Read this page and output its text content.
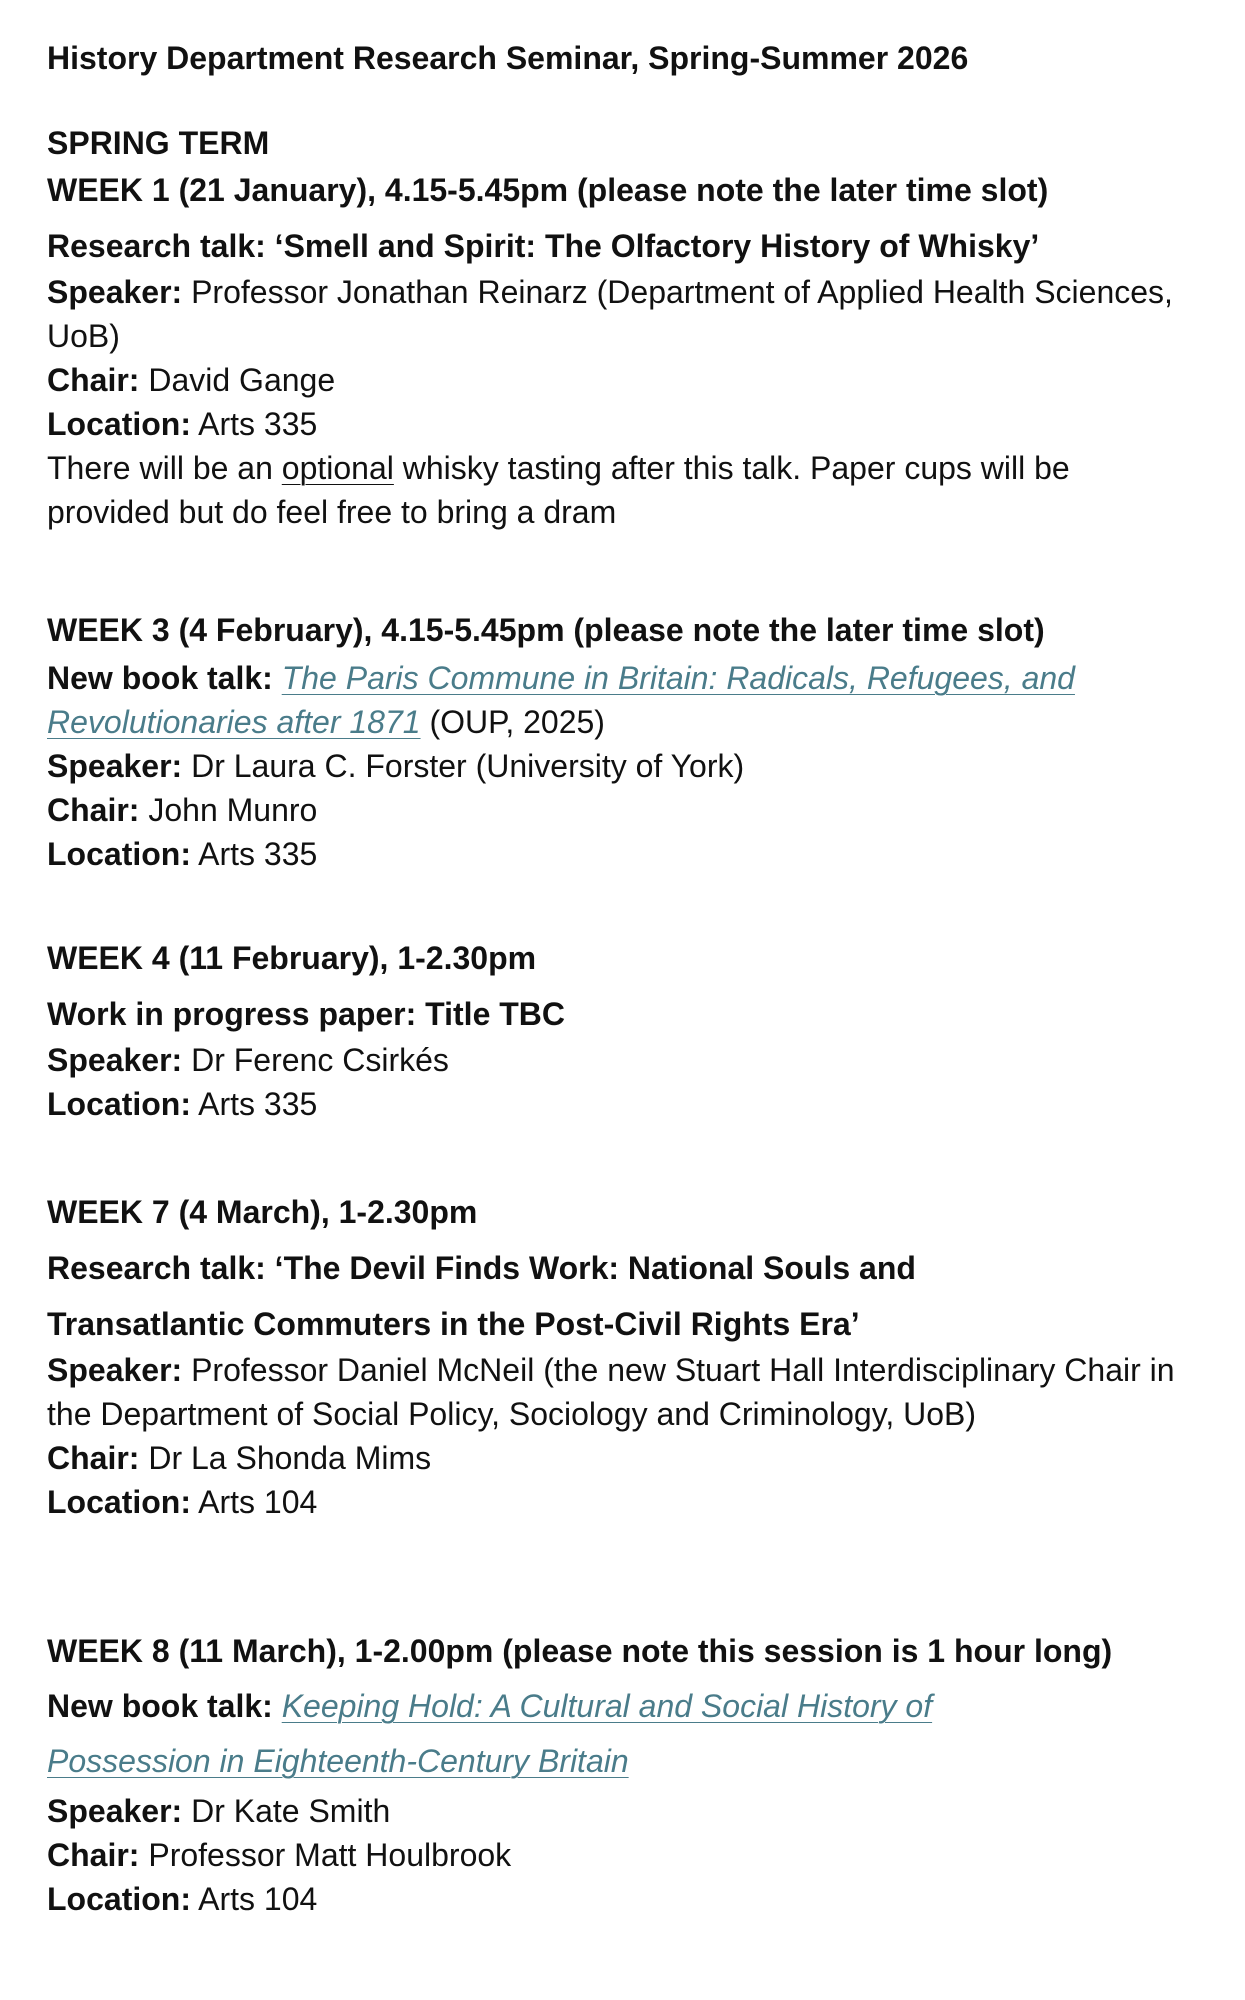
History Department Research Seminar, Spring-Summer 2026
SPRING TERM
WEEK 1 (21 January), 4.15-5.45pm (please note the later time slot)
Research talk: ‘Smell and Spirit: The Olfactory History of Whisky’
Speaker: Professor Jonathan Reinarz (Department of Applied Health Sciences, UoB)
Chair: David Gange
Location: Arts 335
There will be an optional whisky tasting after this talk. Paper cups will be provided but do feel free to bring a dram
WEEK 3 (4 February), 4.15-5.45pm (please note the later time slot)
New book talk: The Paris Commune in Britain: Radicals, Refugees, and Revolutionaries after 1871 (OUP, 2025)
Speaker: Dr Laura C. Forster (University of York)
Chair: John Munro
Location: Arts 335
WEEK 4 (11 February), 1-2.30pm
Work in progress paper: Title TBC
Speaker: Dr Ferenc Csirkés
Location: Arts 335
WEEK 7 (4 March), 1-2.30pm
Research talk: ‘The Devil Finds Work: National Souls and
Transatlantic Commuters in the Post-Civil Rights Era’
Speaker: Professor Daniel McNeil (the new Stuart Hall Interdisciplinary Chair in the Department of Social Policy, Sociology and Criminology, UoB)
Chair: Dr La Shonda Mims
Location: Arts 104
WEEK 8 (11 March), 1-2.00pm (please note this session is 1 hour long)
New book talk: Keeping Hold: A Cultural and Social History of
Possession in Eighteenth-Century Britain
Speaker: Dr Kate Smith
Chair: Professor Matt Houlbrook
Location: Arts 104
